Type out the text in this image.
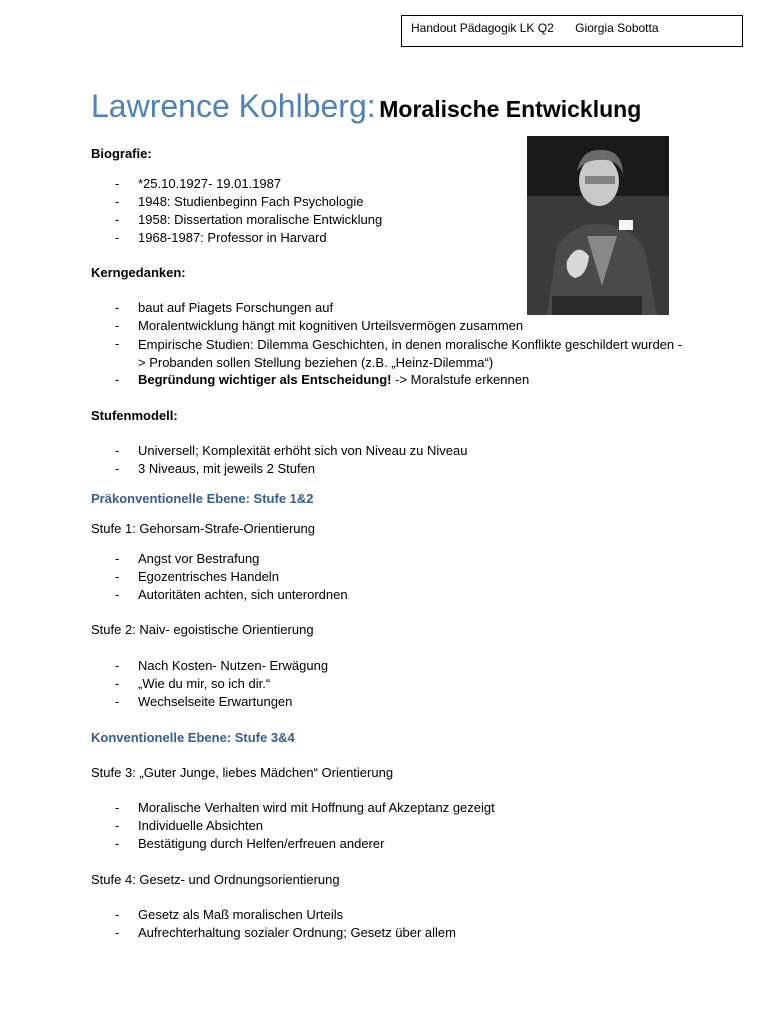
Handout Pädagogik LK Q2 Giorgia Sobotta
Lawrence Kohlberg: Moralische Entwicklung
Biografie:
- *25.10.1927- 19.01.1987
- 1948: Studienbeginn Fach Psychologie
- 1958: Dissertation moralische Entwicklung
- 1968-1987: Professor in Harvard
Kerngedanken:
- baut auf Piagets Forschungen auf
- Moralentwicklung hängt mit kognitiven Urteilsvermögen zusammen
- Empirische Studien: Dilemma Geschichten, in denen moralische Konflikte geschildert wurden -> Probanden sollen Stellung beziehen (z.B. „Heinz-Dilemma“)
- Begründung wichtiger als Entscheidung! -> Moralstufe erkennen
Stufenmodell:
- Universell; Komplexität erhöht sich von Niveau zu Niveau
- 3 Niveaus, mit jeweils 2 Stufen
Präkonventionelle Ebene: Stufe 1&2
Stufe 1: Gehorsam-Strafe-Orientierung
- Angst vor Bestrafung
- Egozentrisches Handeln
- Autoritäten achten, sich unterordnen
Stufe 2: Naiv- egoistische Orientierung
- Nach Kosten- Nutzen- Erwägung
- „Wie du mir, so ich dir.“
- Wechselseite Erwartungen
Konventionelle Ebene: Stufe 3&4
Stufe 3: „Guter Junge, liebes Mädchen“ Orientierung
- Moralische Verhalten wird mit Hoffnung auf Akzeptanz gezeigt
- Individuelle Absichten
- Bestätigung durch Helfen/erfreuen anderer
Stufe 4: Gesetz- und Ordnungsorientierung
- Gesetz als Maß moralischen Urteils
- Aufrechterhaltung sozialer Ordnung; Gesetz über allem
